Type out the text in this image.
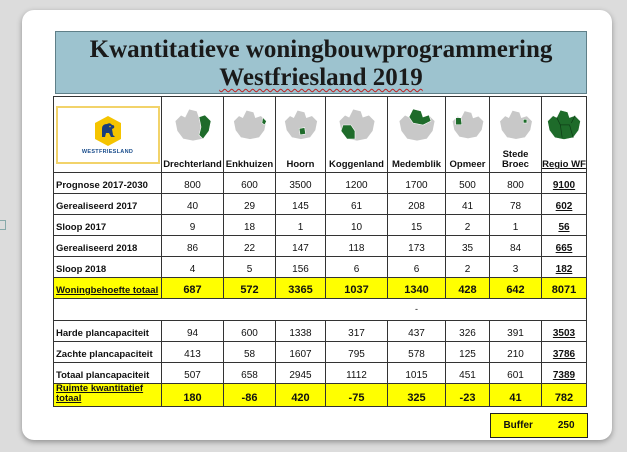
Kwantitatieve woningbouwprogrammering
Westfriesland 2019
WESTFRIESLAND	Drechterland	Enkhuizen	Hoorn	Koggenland	Medemblik	Opmeer	Stede Broec	Regio WF

Prognose 2017-2030	800	600	3500	1200	1700	500	800	9100
Gerealiseerd 2017	40	29	145	61	208	41	78	602
Sloop 2017	9	18	1	10	15	2	1	56
Gerealiseerd 2018	86	22	147	118	173	35	84	665
Sloop 2018	4	5	156	6	6	2	3	182
Woningbehoefte totaal	687	572	3365	1037	1340	428	642	8071
					-			
Harde plancapaciteit	94	600	1338	317	437	326	391	3503
Zachte plancapaciteit	413	58	1607	795	578	125	210	3786
Totaal plancapaciteit	507	658	2945	1112	1015	451	601	7389
Ruimte kwantitatief totaal	180	-86	420	-75	325	-23	41	782
Buffer 250
